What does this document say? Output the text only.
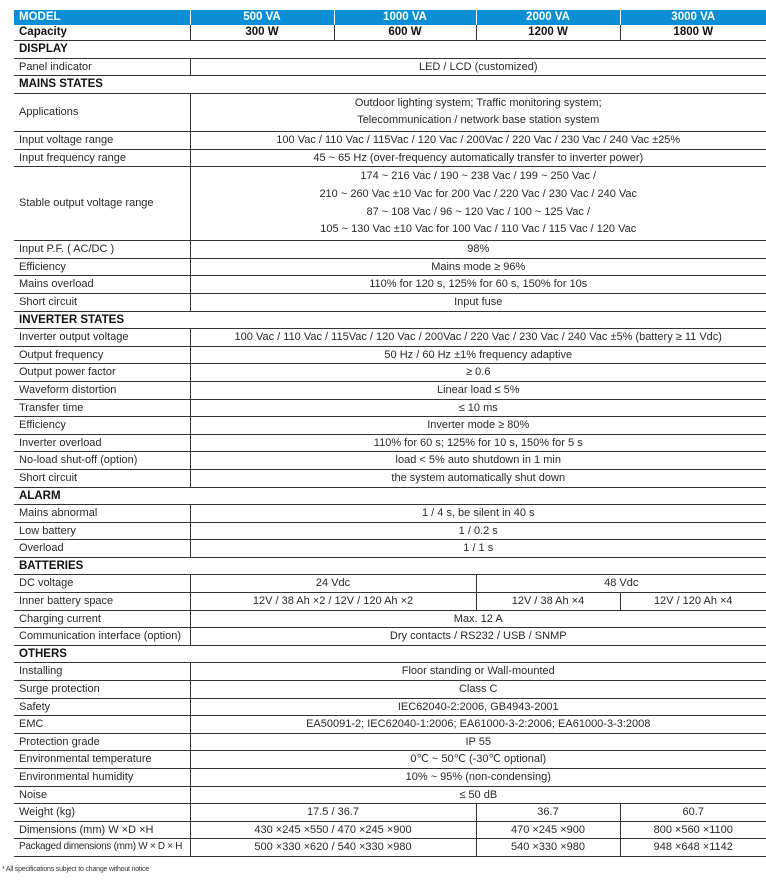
MODEL	500 VA	1000 VA	2000 VA	3000 VA
Capacity	300 W	600 W	1200 W	1800 W
DISPLAY				
Panel indicator	LED / LCD (customized)			
MAINS STATES				
Applications	Outdoor lighting system; Traffic monitoring system;
Telecommunication / network base station system			

Input voltage range	100 Vac / 110 Vac / 115Vac / 120 Vac / 200Vac / 220 Vac / 230 Vac / 240 Vac ±25%			
Input frequency range	45 ~ 65 Hz (over-frequency automatically transfer to inverter power)			
Stable output voltage range	174 ~ 216 Vac / 190 ~ 238 Vac / 199 ~ 250 Vac /
210 ~ 260 Vac ±10 Vac for 200 Vac / 220 Vac / 230 Vac / 240 Vac
87 ~ 108 Vac / 96 ~ 120 Vac / 100 ~ 125 Vac /
105 ~ 130 Vac ±10 Vac for 100 Vac / 110 Vac / 115 Vac / 120 Vac			

Input P.F. ( AC/DC )	98%			
Efficiency	Mains mode ≥ 96%			
Mains overload	110% for 120 s, 125% for 60 s, 150% for 10s			
Short circuit	Input fuse			
INVERTER STATES				
Inverter output voltage	100 Vac / 110 Vac / 115Vac / 120 Vac / 200Vac / 220 Vac / 230 Vac / 240 Vac ±5% (battery ≥ 11 Vdc)			
Output frequency	50 Hz / 60 Hz ±1% frequency adaptive			
Output power factor	≥ 0.6			
Waveform distortion	Linear load ≤ 5%			
Transfer time	≤ 10 ms			
Efficiency	Inverter mode ≥ 80%			
Inverter overload	110% for 60 s; 125% for 10 s, 150% for 5 s			
No-load shut-off (option)	load < 5% auto shutdown in 1 min			
Short circuit	the system automatically shut down			
ALARM				
Mains abnormal	1 / 4 s, be silent in 40 s			
Low battery	1 / 0.2 s			
Overload	1 / 1 s			
BATTERIES				
DC voltage	24 Vdc		48 Vdc	
Inner battery space	12V / 38 Ah ×2 / 12V / 120 Ah ×2		12V / 38 Ah ×4	12V / 120 Ah ×4
Charging current	Max. 12 A			
Communication interface (option)	Dry contacts / RS232 / USB / SNMP			
OTHERS				
Installing	Floor standing or Wall-mounted			
Surge protection	Class C			
Safety	IEC62040-2:2006, GB4943-2001			
EMC	EA50091-2; IEC62040-1:2006; EA61000-3-2:2006; EA61000-3-3:2008			
Protection grade	IP 55			
Environmental temperature	0℃ ~ 50℃ (-30℃ optional)			
Environmental humidity	10% ~ 95% (non-condensing)			
Noise	≤ 50 dB			
Weight (kg)	17.5 / 36.7		36.7	60.7
Dimensions (mm) W ×D ×H	430 ×245 ×550 / 470 ×245 ×900		470 ×245 ×900	800 ×560 ×1100
Packaged dimensions (mm) W × D × H	500 ×330 ×620 / 540 ×330 ×980		540 ×330 ×980	948 ×648 ×1142
* All specifications subject to change without notice
